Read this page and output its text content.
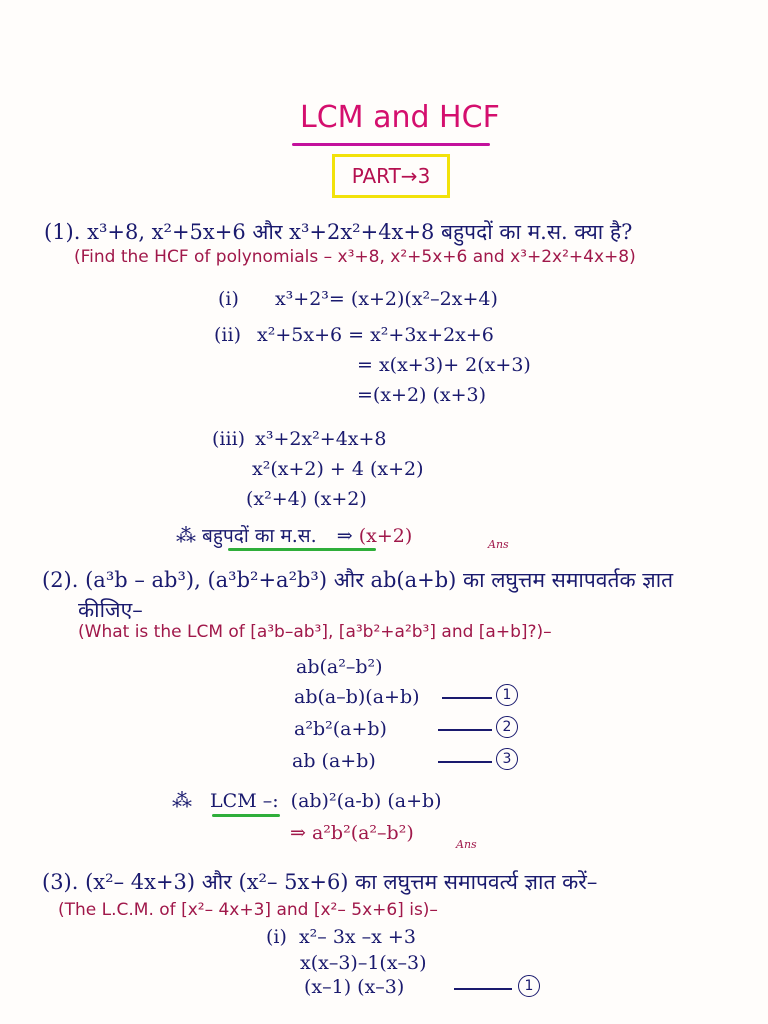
LCM and HCF
PART→3
(1). x³+8, x²+5x+6 और x³+2x²+4x+8 बहुपदों का म.स. क्या है?
(Find the HCF of polynomials – x³+8, x²+5x+6 and x³+2x²+4x+8)
(i) x³+2³= (x+2)(x²–2x+4)
(ii) x²+5x+6 = x²+3x+2x+6
= x(x+3)+ 2(x+3)
=(x+2) (x+3)
(iii) x³+2x²+4x+8
x²(x+2) + 4 (x+2)
(x²+4) (x+2)
⁂ बहुपदों का म.स. ⇒ (x+2)	Ans
(2). (a³b – ab³), (a³b²+a²b³) और ab(a+b) का लघुत्तम समापवर्तक ज्ञात
कीजिए–
(What is the LCM of [a³b–ab³], [a³b²+a²b³] and [a+b]?)–
ab(a²–b²)
ab(a–b)(a+b)	1
a²b²(a+b)	2
ab (a+b)	3
⁂ LCM –: (ab)²(a-b) (a+b)
⇒ a²b²(a²–b²)
Ans
(3). (x²– 4x+3) और (x²– 5x+6) का लघुत्तम समापवर्त्य ज्ञात करें–
(The L.C.M. of [x²– 4x+3] and [x²– 5x+6] is)–
(i) x²– 3x –x +3
x(x–3)–1(x–3)
(x–1) (x–3)	1
